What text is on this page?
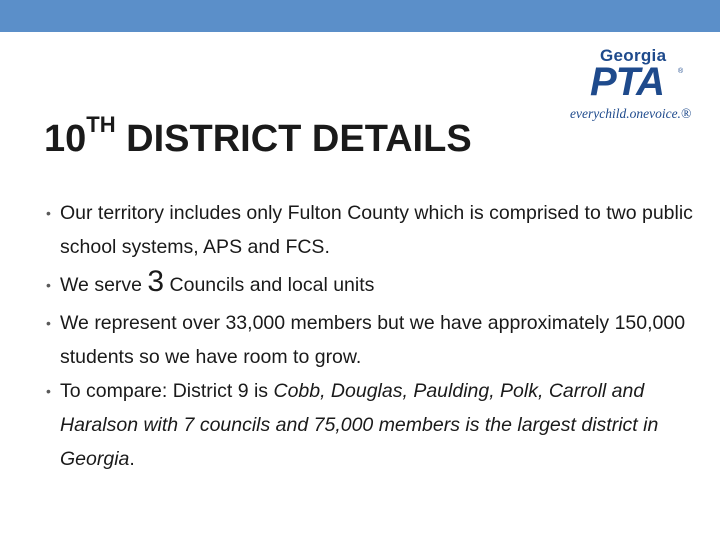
Georgia
PTA ®
everychild.onevoice.®
10TH DISTRICT DETAILS
• Our territory includes only Fulton County which is comprised to two public school systems, APS and FCS.
• We serve 3 Councils and local units
• We represent over 33,000 members but we have approximately 150,000 students so we have room to grow.
• To compare: District 9 is Cobb, Douglas, Paulding, Polk, Carroll and Haralson with 7 councils and 75,000 members is the largest district in Georgia.
